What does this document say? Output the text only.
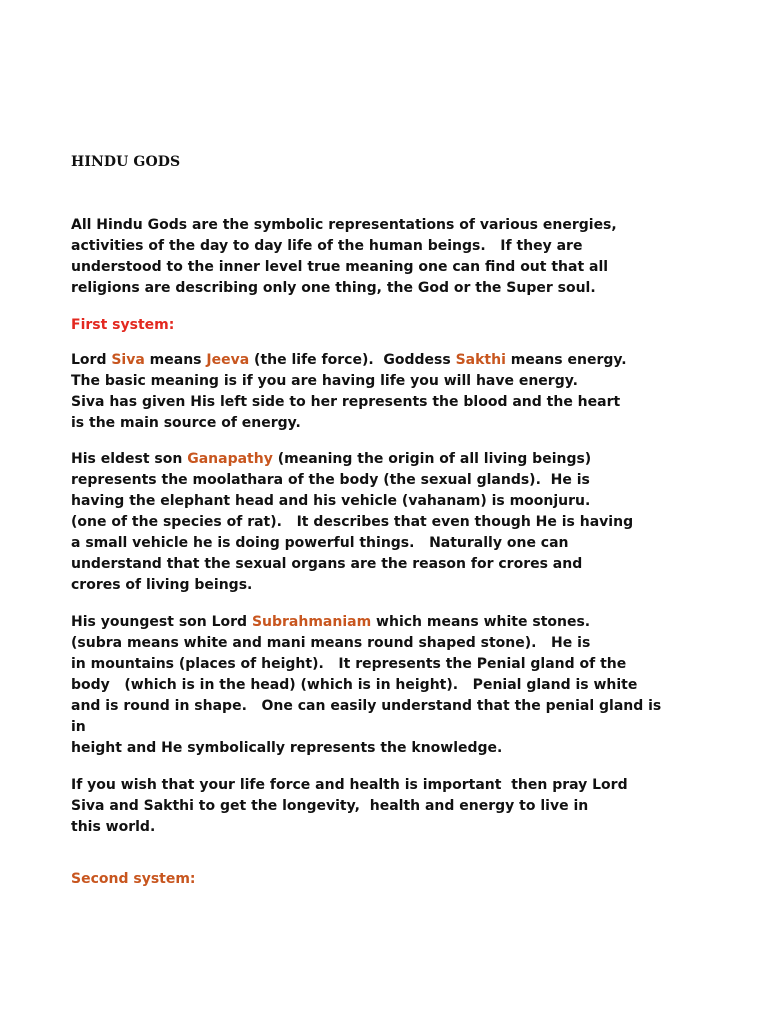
HINDU GODS
All Hindu Gods are the symbolic representations of various energies,
activities of the day to day life of the human beings.   If they are
understood to the inner level true meaning one can find out that all
religions are describing only one thing, the God or the Super soul.
First system:
Lord Siva means Jeeva (the life force).  Goddess Sakthi means energy.
The basic meaning is if you are having life you will have energy.
Siva has given His left side to her represents the blood and the heart
is the main source of energy.
His eldest son Ganapathy (meaning the origin of all living beings)
represents the moolathara of the body (the sexual glands).  He is
having the elephant head and his vehicle (vahanam) is moonjuru.
(one of the species of rat).   It describes that even though He is having
a small vehicle he is doing powerful things.   Naturally one can
understand that the sexual organs are the reason for crores and
crores of living beings.
His youngest son Lord Subrahmaniam which means white stones.
(subra means white and mani means round shaped stone).   He is
in mountains (places of height).   It represents the Penial gland of the
body   (which is in the head) (which is in height).   Penial gland is white
and is round in shape.   One can easily understand that the penial gland is
in
height and He symbolically represents the knowledge.
If you wish that your life force and health is important  then pray Lord
Siva and Sakthi to get the longevity,  health and energy to live in
this world.
Second system:
